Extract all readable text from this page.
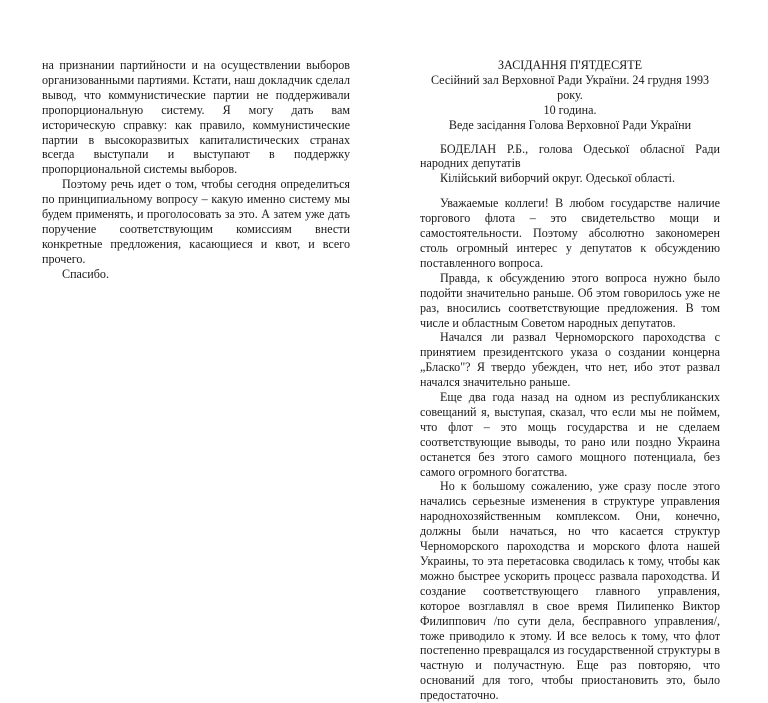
на признании партийности и на осуществлении выборов организованными партиями. Кстати, наш докладчик сделал вывод, что коммунистические партии не поддерживали пропорциональную систему. Я могу дать вам историческую справку: как правило, коммунистические партии в высокоразвитых капиталистических странах всегда выступали и выступают в поддержку пропорциональной системы выборов.

Поэтому речь идет о том, чтобы сегодня определиться по принципиальному вопросу – какую именно систему мы будем применять, и проголосовать за это. А затем уже дать поручение соответствующим комиссиям внести конкретные предложения, касающиеся и квот, и всего прочего.

Спасибо.

ЗАСІДАННЯ П'ЯТДЕСЯТЕ

Сесійний зал Верховної Ради України. 24 грудня 1993 року.

10 година.

Веде засідання Голова Верховної Ради України

БОДЕЛАН Р.Б., голова Одеської обласної Ради народних депутатів

Кілійський виборчий округ. Одеської області.

Уважаемые коллеги! В любом государстве наличие торгового флота – это свидетельство мощи и самостоятельности. Поэтому абсолютно закономерен столь огромный интерес у депутатов к обсуждению поставленного вопроса.

Правда, к обсуждению этого вопроса нужно было подойти значительно раньше. Об этом говорилось уже не раз, вносились соответствующие предложения. В том числе и областным Советом народных депутатов.

Начался ли развал Черноморского пароходства с принятием президентского указа о создании концерна „Бласко"? Я твердо убежден, что нет, ибо этот развал начался значительно раньше.

Еще два года назад на одном из республиканских совещаний я, выступая, сказал, что если мы не поймем, что флот – это мощь государства и не сделаем соответствующие выводы, то рано или поздно Украина останется без этого самого мощного потенциала, без самого огромного богатства.

Но к большому сожалению, уже сразу после этого начались серьезные изменения в структуре управления народнохозяйственным комплексом. Они, конечно, должны были начаться, но что касается структур Черноморского пароходства и морского флота нашей Украины, то эта перетасовка сводилась к тому, чтобы как можно быстрее ускорить процесс развала пароходства. И создание соответствующего главного управления, которое возглавлял в свое время Пилипенко Виктор Филиппович /по сути дела, бесправного управления/, тоже приводило к этому. И все велось к тому, что флот постепенно превращался из государственной структуры в частную и получастную. Еще раз повторяю, что оснований для того, чтобы приостановить это, было предостаточно.
